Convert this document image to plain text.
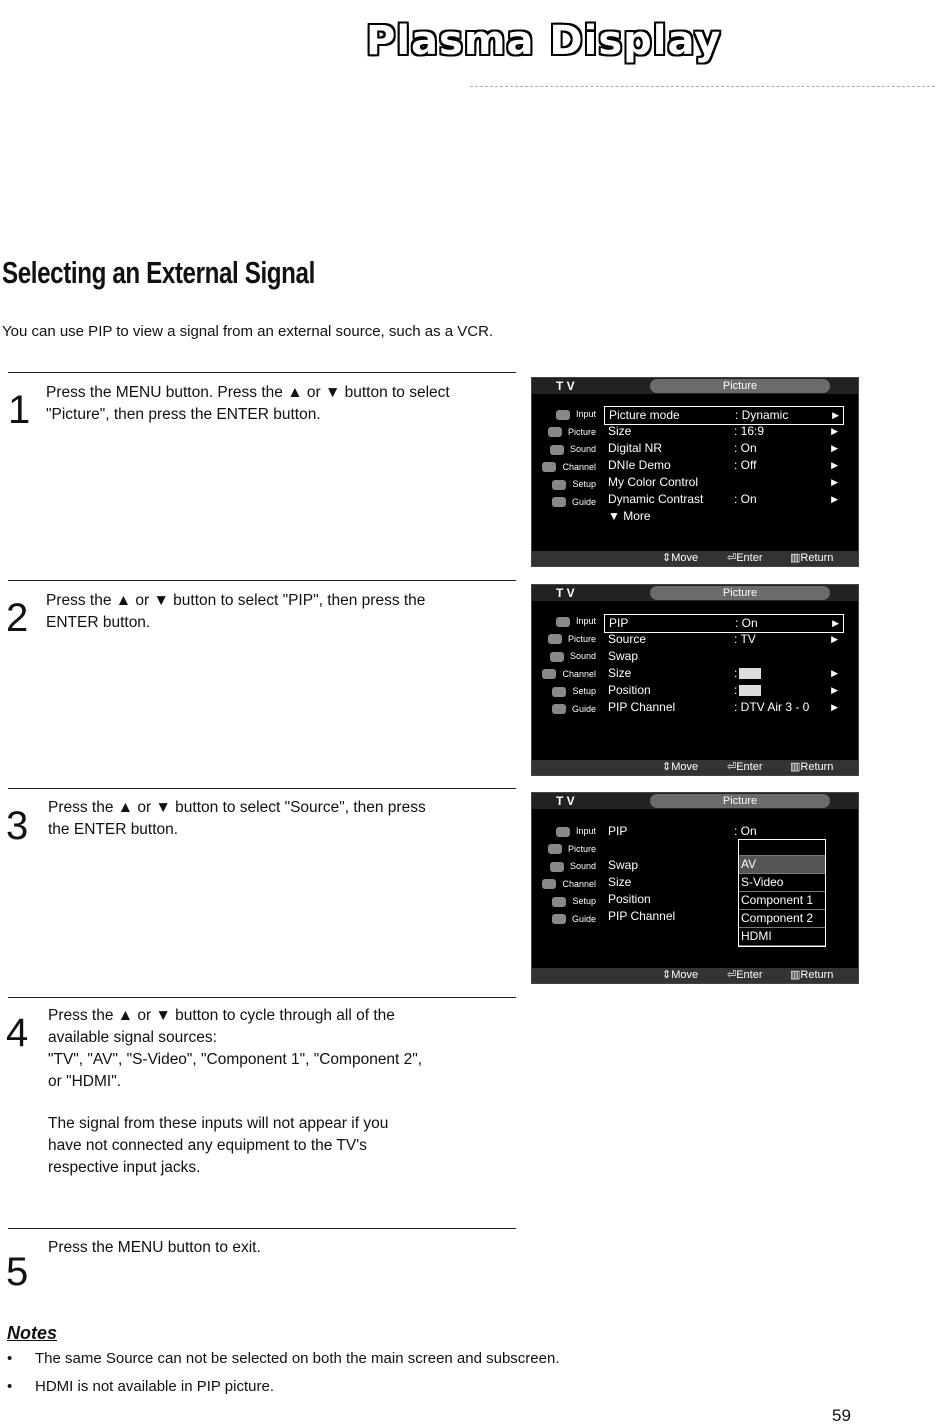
Plasma Display
Selecting an External Signal
You can use PIP to view a signal from an external source, such as a VCR.
1 Press the MENU button. Press the ▲ or ▼ button to select

"Picture", then press the ENTER button.

T V	Picture
Input
Picture
Sound
Channel
Setup
Guide
Picture mode	: Dynamic	▶
Size	: 16:9	▶
Digital NR	: On	▶
DNIe Demo	: Off	▶
My Color Control	▶
Dynamic Contrast	: On	▶
▼ More
⇕ Move	⏎ Enter ▥ Return
2 Press the ▲ or ▼ button to select "PIP", then press the

ENTER button.

T V	Picture
Input
Picture
Sound
Channel
Setup
Guide
PIP	: On	▶
Source	: TV	▶
Swap
Size	:	▶
Position	:	▶
PIP Channel	: DTV Air 3 - 0 ▶
⇕ Move	⏎ Enter ▥ Return
3 Press the ▲ or ▼ button to select "Source", then press

the ENTER button.

T V	Picture
Input
Picture
Sound
Channel
Setup
Guide
PIP	: On
Swap
Size
Position
PIP Channel
AV
S-Video
Component 1
Component 2
HDMI
⇕ Move	⏎ Enter ▥ Return
4 Press the ▲ or ▼ button to cycle through all of the

available signal sources:

"TV", "AV", "S-Video", "Component 1", "Component 2",

or "HDMI".

The signal from these inputs will not appear if you

have not connected any equipment to the TV's

respective input jacks.

5

Press the MENU button to exit.

Notes
• The same Source can not be selected on both the main screen and subscreen.
• HDMI is not available in PIP picture.
59
